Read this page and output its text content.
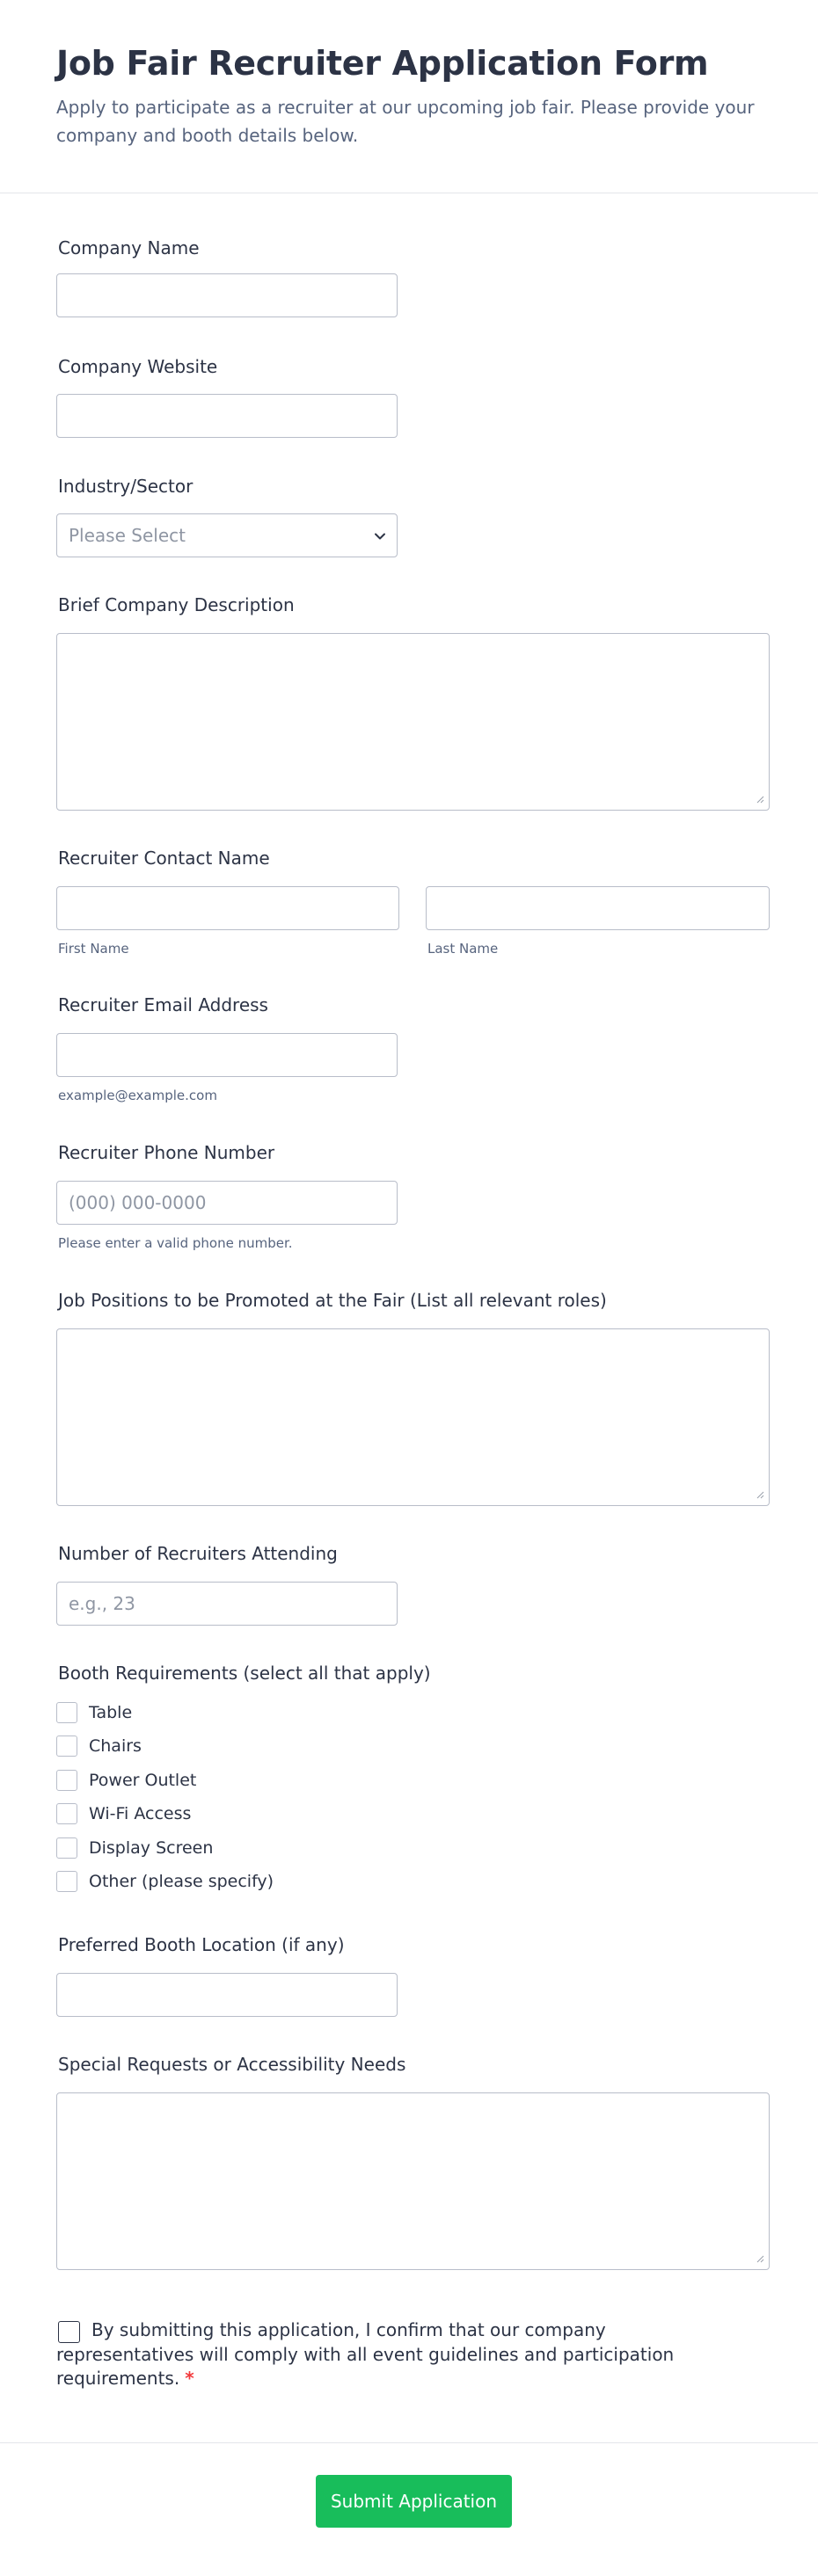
Job Fair Recruiter Application Form
Apply to participate as a recruiter at our upcoming job fair. Please provide your company and booth details below.
Company Name
Company Website
Industry/Sector
Please Select
Brief Company Description
Recruiter Contact Name
First Name	Last Name
Recruiter Email Address
example@example.com
Recruiter Phone Number
(000) 000-0000
Please enter a valid phone number.
Job Positions to be Promoted at the Fair (List all relevant roles)
Number of Recruiters Attending
e.g., 23
Booth Requirements (select all that apply)
Table
Chairs
Power Outlet
Wi-Fi Access
Display Screen
Other (please specify)
Preferred Booth Location (if any)
Special Requests or Accessibility Needs
By submitting this application, I confirm that our company representatives will comply with all event guidelines and participation requirements. *
Submit Application
